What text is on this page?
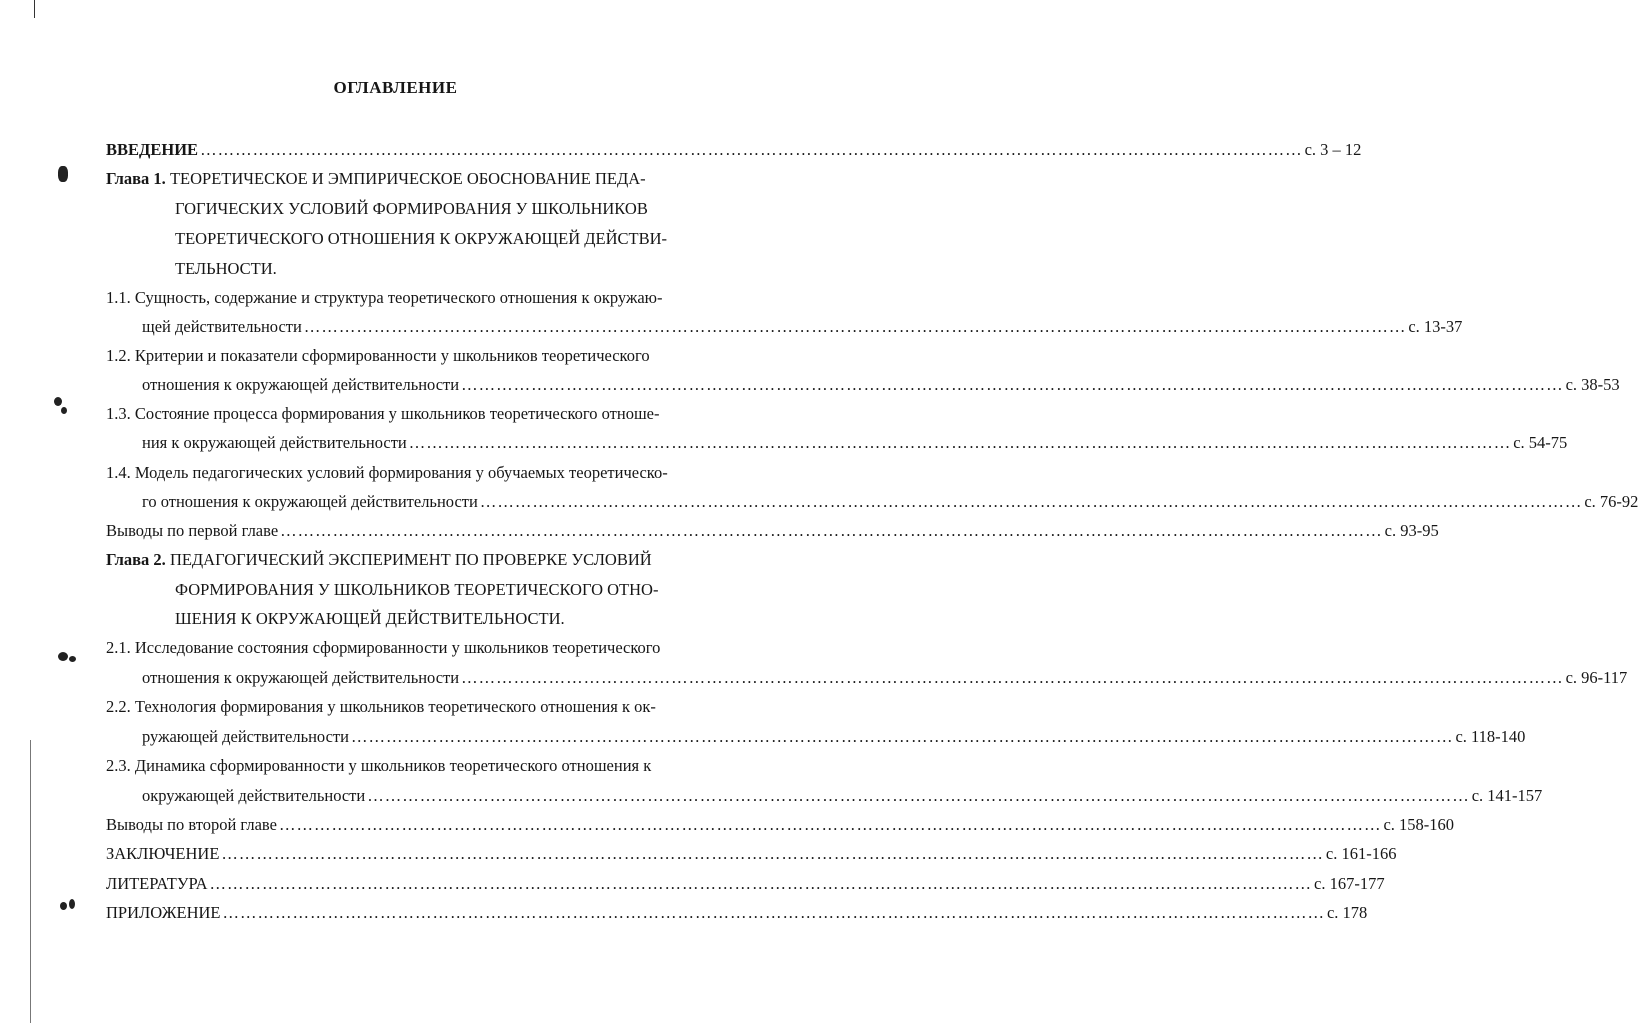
ОГЛАВЛЕНИЕ
ВВЕДЕНИЕ ……………………………………………………………………………………………………………………………………………………………………… с. 3 – 12
Глава 1. ТЕОРЕТИЧЕСКОЕ И ЭМПИРИЧЕСКОЕ ОБОСНОВАНИЕ ПЕДА-
ГОГИЧЕСКИХ УСЛОВИЙ ФОРМИРОВАНИЯ У ШКОЛЬНИКОВ
ТЕОРЕТИЧЕСКОГО ОТНОШЕНИЯ К ОКРУЖАЮЩЕЙ ДЕЙСТВИ-
ТЕЛЬНОСТИ.
1.1. Сущность, содержание и структура теоретического отношения к окружаю-
щей действительности ……………………………………………………………………………………………………………………………………………………………………… с. 13-37
1.2. Критерии и показатели сформированности у школьников теоретического
отношения к окружающей действительности ……………………………………………………………………………………………………………………………………………………………………… с. 38-53
1.3. Состояние процесса формирования у школьников теоретического отноше-
ния к окружающей действительности ……………………………………………………………………………………………………………………………………………………………………… с. 54-75
1.4. Модель педагогических условий формирования у обучаемых теоретическо-
го отношения к окружающей действительности ……………………………………………………………………………………………………………………………………………………………………… с. 76-92
Выводы по первой главе ……………………………………………………………………………………………………………………………………………………………………… с. 93-95
Глава 2. ПЕДАГОГИЧЕСКИЙ ЭКСПЕРИМЕНТ ПО ПРОВЕРКЕ УСЛОВИЙ
ФОРМИРОВАНИЯ У ШКОЛЬНИКОВ ТЕОРЕТИЧЕСКОГО ОТНО-
ШЕНИЯ К ОКРУЖАЮЩЕЙ ДЕЙСТВИТЕЛЬНОСТИ.
2.1. Исследование состояния сформированности у школьников теоретического
отношения к окружающей действительности ……………………………………………………………………………………………………………………………………………………………………… с. 96-117
2.2. Технология формирования у школьников теоретического отношения к ок-
ружающей действительности ……………………………………………………………………………………………………………………………………………………………………… с. 118-140
2.3. Динамика сформированности у школьников теоретического отношения к
окружающей действительности ……………………………………………………………………………………………………………………………………………………………………… с. 141-157
Выводы по второй главе ……………………………………………………………………………………………………………………………………………………………………… с. 158-160
ЗАКЛЮЧЕНИЕ ……………………………………………………………………………………………………………………………………………………………………… с. 161-166
ЛИТЕРАТУРА ……………………………………………………………………………………………………………………………………………………………………… с. 167-177
ПРИЛОЖЕНИЕ ……………………………………………………………………………………………………………………………………………………………………… с. 178
